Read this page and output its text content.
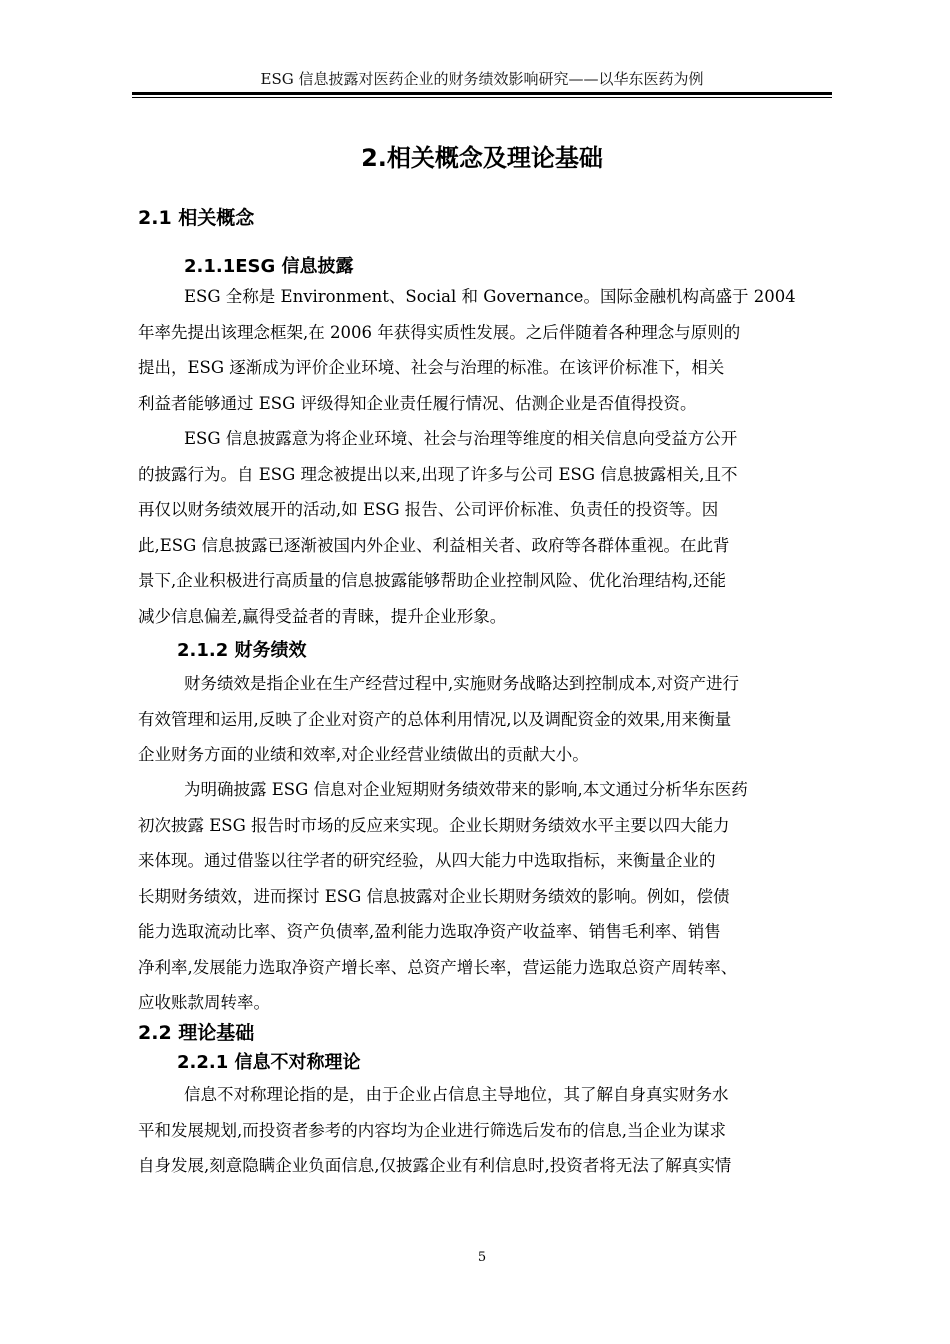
ESG 信息披露对医药企业的财务绩效影响研究——以华东医药为例
2.相关概念及理论基础
2.1 相关概念
2.1.1ESG 信息披露

ESG 全称是 Environment、Social 和 Governance。国际金融机构高盛于 2004
年率先提出该理念框架,在 2006 年获得实质性发展。之后伴随着各种理念与原则的
提出，ESG 逐渐成为评价企业环境、社会与治理的标准。在该评价标准下，相关
利益者能够通过 ESG 评级得知企业责任履行情况、估测企业是否值得投资。

ESG 信息披露意为将企业环境、社会与治理等维度的相关信息向受益方公开
的披露行为。自 ESG 理念被提出以来,出现了许多与公司 ESG 信息披露相关,且不
再仅以财务绩效展开的活动,如 ESG 报告、公司评价标准、负责任的投资等。因
此,ESG 信息披露已逐渐被国内外企业、利益相关者、政府等各群体重视。在此背
景下,企业积极进行高质量的信息披露能够帮助企业控制风险、优化治理结构,还能
减少信息偏差,赢得受益者的青睐，提升企业形象。

2.1.2 财务绩效

财务绩效是指企业在生产经营过程中,实施财务战略达到控制成本,对资产进行
有效管理和运用,反映了企业对资产的总体利用情况,以及调配资金的效果,用来衡量
企业财务方面的业绩和效率,对企业经营业绩做出的贡献大小。

为明确披露 ESG 信息对企业短期财务绩效带来的影响,本文通过分析华东医药
初次披露 ESG 报告时市场的反应来实现。企业长期财务绩效水平主要以四大能力
来体现。通过借鉴以往学者的研究经验，从四大能力中选取指标，来衡量企业的
长期财务绩效，进而探讨 ESG 信息披露对企业长期财务绩效的影响。例如，偿债
能力选取流动比率、资产负债率,盈利能力选取净资产收益率、销售毛利率、销售
净利率,发展能力选取净资产增长率、总资产增长率，营运能力选取总资产周转率、
应收账款周转率。

2.2 理论基础
2.2.1 信息不对称理论

信息不对称理论指的是，由于企业占信息主导地位，其了解自身真实财务水
平和发展规划,而投资者参考的内容均为企业进行筛选后发布的信息,当企业为谋求
自身发展,刻意隐瞒企业负面信息,仅披露企业有利信息时,投资者将无法了解真实情

5
